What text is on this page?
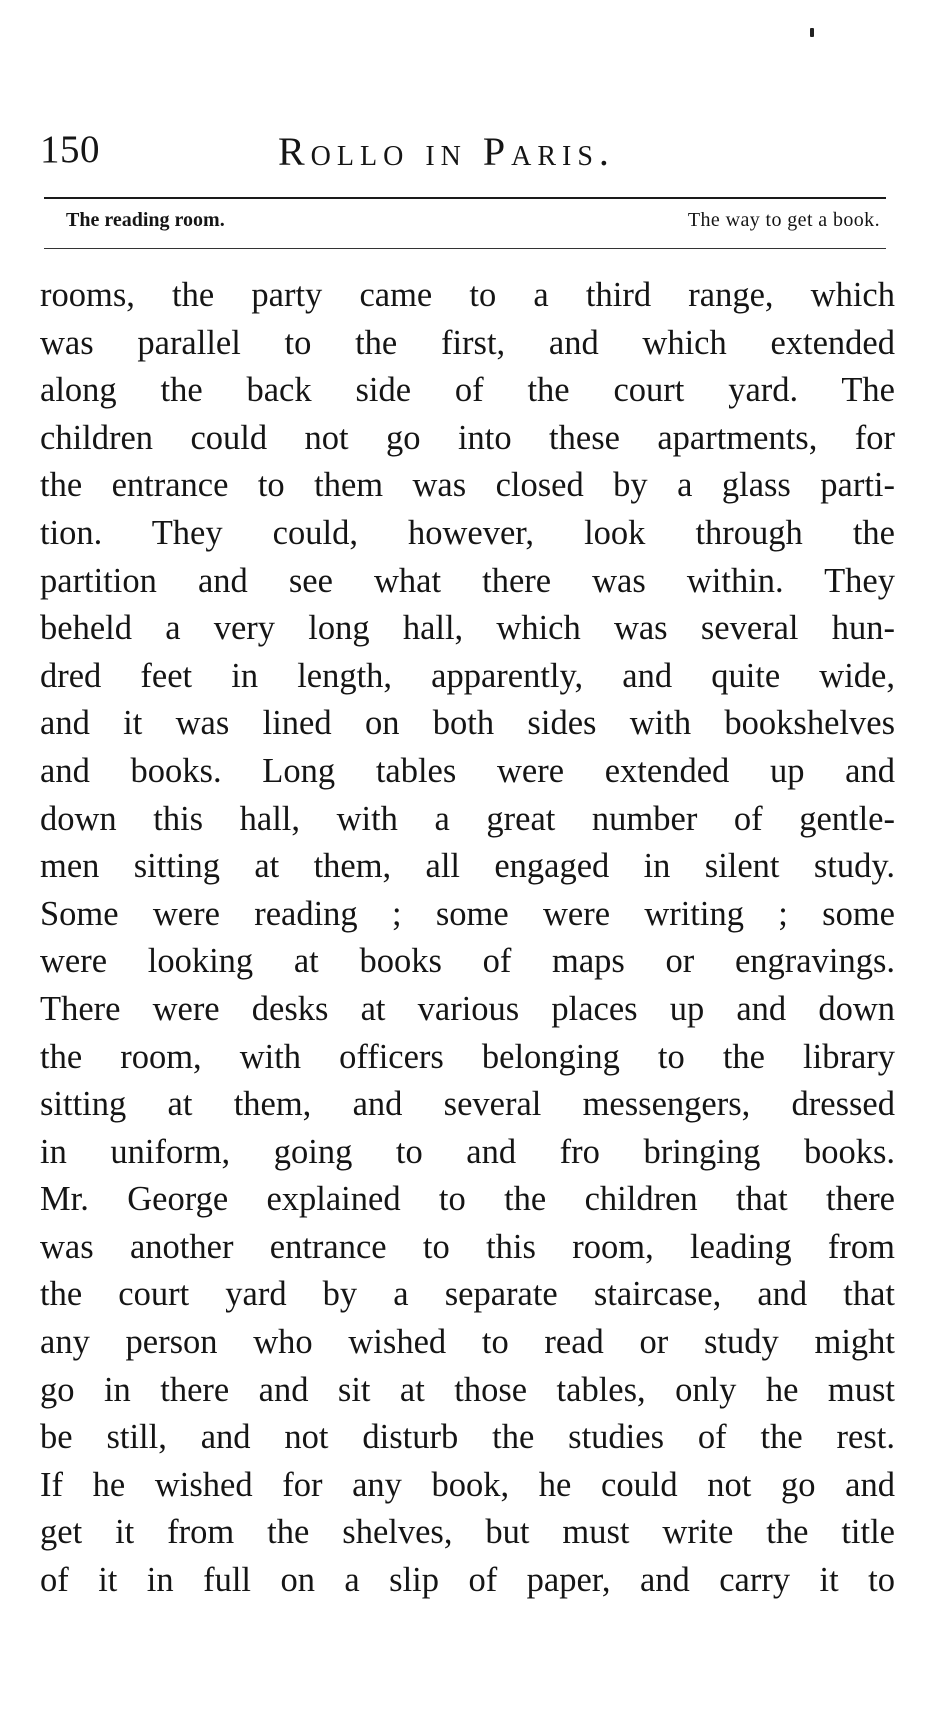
150	Rollo in Paris.
The reading room.	The way to get a book.
rooms, the party came to a third range, which
was parallel to the first, and which extended
along the back side of the court yard. The
children could not go into these apartments, for
the entrance to them was closed by a glass parti-
tion. They could, however, look through the
partition and see what there was within. They
beheld a very long hall, which was several hun-
dred feet in length, apparently, and quite wide,
and it was lined on both sides with bookshelves
and books. Long tables were extended up and
down this hall, with a great number of gentle-
men sitting at them, all engaged in silent study.
Some were reading ; some were writing ; some
were looking at books of maps or engravings.
There were desks at various places up and down
the room, with officers belonging to the library
sitting at them, and several messengers, dressed
in uniform, going to and fro bringing books.
Mr. George explained to the children that there
was another entrance to this room, leading from
the court yard by a separate staircase, and that
any person who wished to read or study might
go in there and sit at those tables, only he must
be still, and not disturb the studies of the rest.
If he wished for any book, he could not go and
get it from the shelves, but must write the title
of it in full on a slip of paper, and carry it to
